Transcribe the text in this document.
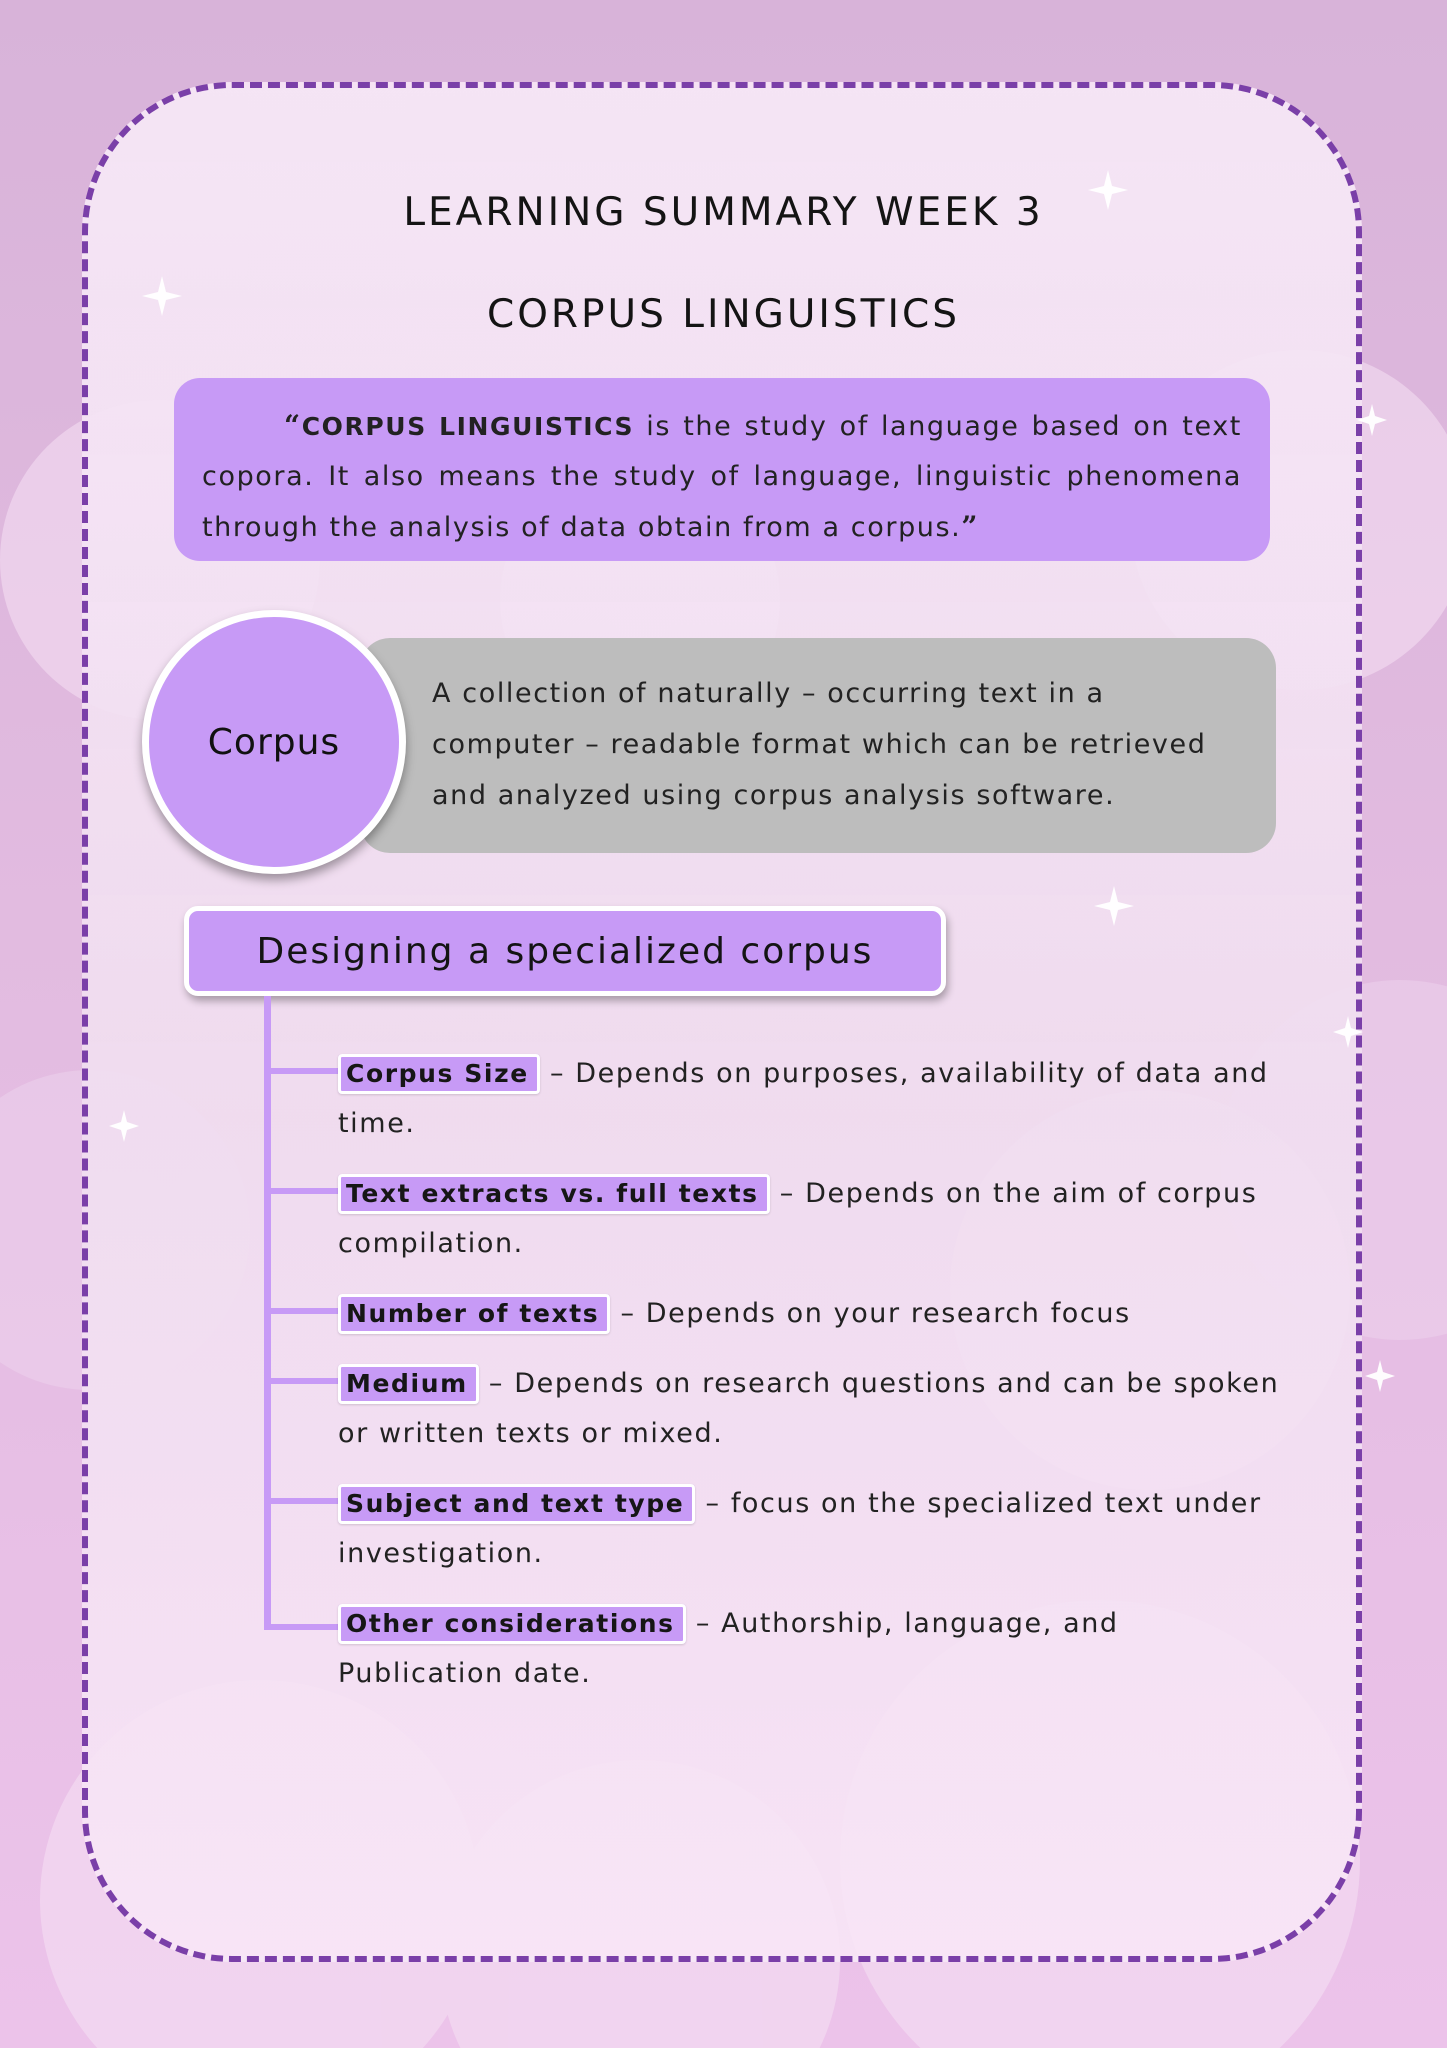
LEARNING SUMMARY WEEK 3
CORPUS LINGUISTICS
“CORPUS LINGUISTICS is the study of language based on text copora. It also means the study of language, linguistic phenomena through the analysis of data obtain from a corpus.”
A collection of naturally – occurring text in a computer – readable format which can be retrieved and analyzed using corpus analysis software.
Corpus
Designing a specialized corpus
Corpus Size – Depends on purposes, availability of data and time.
Text extracts vs. full texts – Depends on the aim of corpus compilation.
Number of texts – Depends on your research focus
Medium – Depends on research questions and can be spoken or written texts or mixed.
Subject and text type – focus on the specialized text under investigation.
Other considerations – Authorship, language, and Publication date.
